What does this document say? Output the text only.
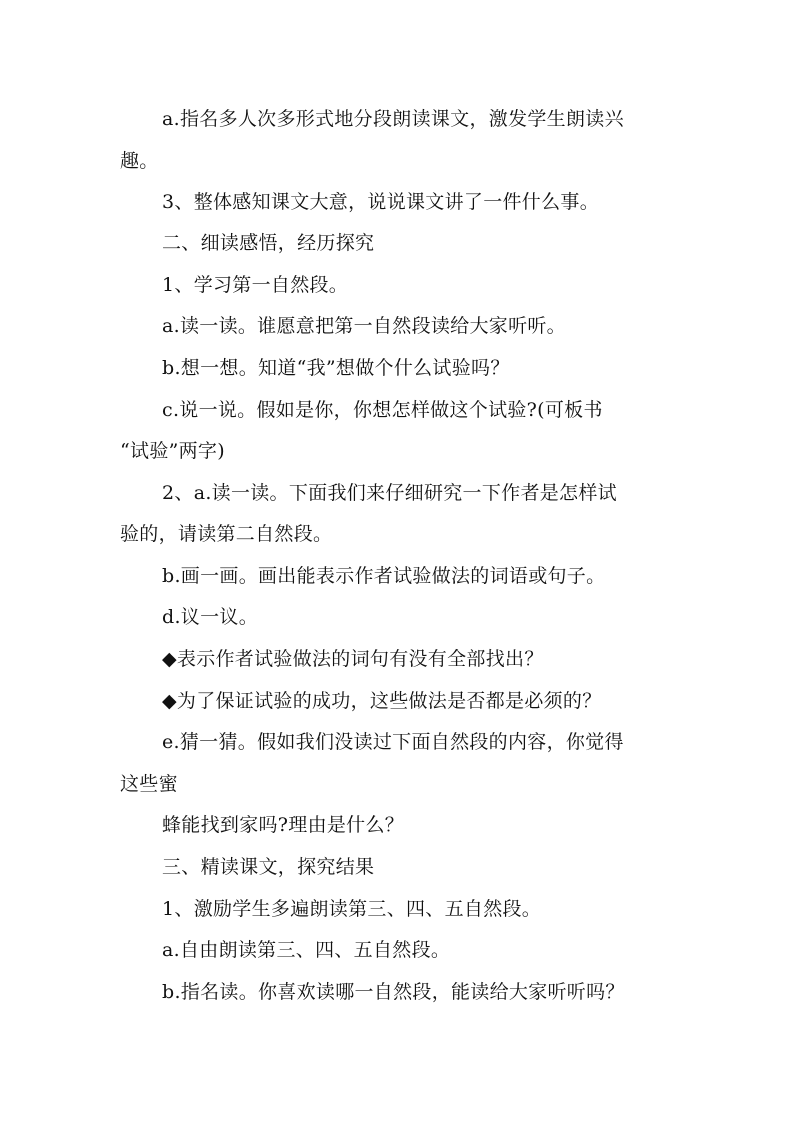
a.指名多人次多形式地分段朗读课文，激发学生朗读兴
趣。
3、整体感知课文大意，说说课文讲了一件什么事。
二、细读感悟，经历探究
1、学习第一自然段。
a.读一读。谁愿意把第一自然段读给大家听听。
b.想一想。知道“我”想做个什么试验吗？
c.说一说。假如是你，你想怎样做这个试验?(可板书
“试验”两字)
2、a.读一读。下面我们来仔细研究一下作者是怎样试
验的，请读第二自然段。
b.画一画。画出能表示作者试验做法的词语或句子。
d.议一议。
◆表示作者试验做法的词句有没有全部找出？
◆为了保证试验的成功，这些做法是否都是必须的？
e.猜一猜。假如我们没读过下面自然段的内容，你觉得
这些蜜
蜂能找到家吗?理由是什么？
三、精读课文，探究结果
1、激励学生多遍朗读第三、四、五自然段。
a.自由朗读第三、四、五自然段。
b.指名读。你喜欢读哪一自然段，能读给大家听听吗？
